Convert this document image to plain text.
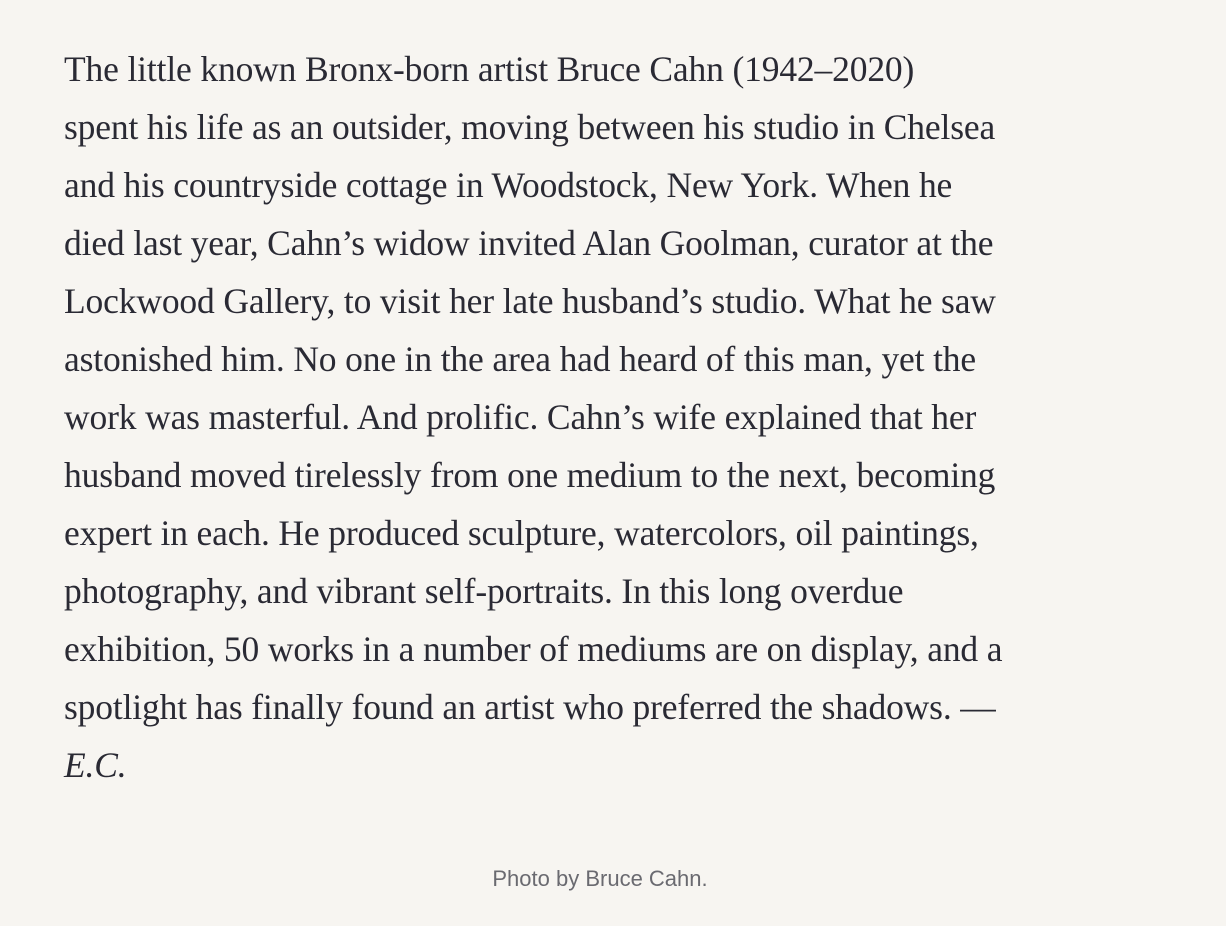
The little known Bronx-born artist Bruce Cahn (1942–2020)
spent his life as an outsider, moving between his studio in Chelsea
and his countryside cottage in Woodstock, New York. When he
died last year, Cahn’s widow invited Alan Goolman, curator at the
Lockwood Gallery, to visit her late husband’s studio. What he saw
astonished him. No one in the area had heard of this man, yet the
work was masterful. And prolific. Cahn’s wife explained that her
husband moved tirelessly from one medium to the next, becoming
expert in each. He produced sculpture, watercolors, oil paintings,
photography, and vibrant self-portraits. In this long overdue
exhibition, 50 works in a number of mediums are on display, and a
spotlight has finally found an artist who preferred the shadows. —
E.C.

Photo by Bruce Cahn.
